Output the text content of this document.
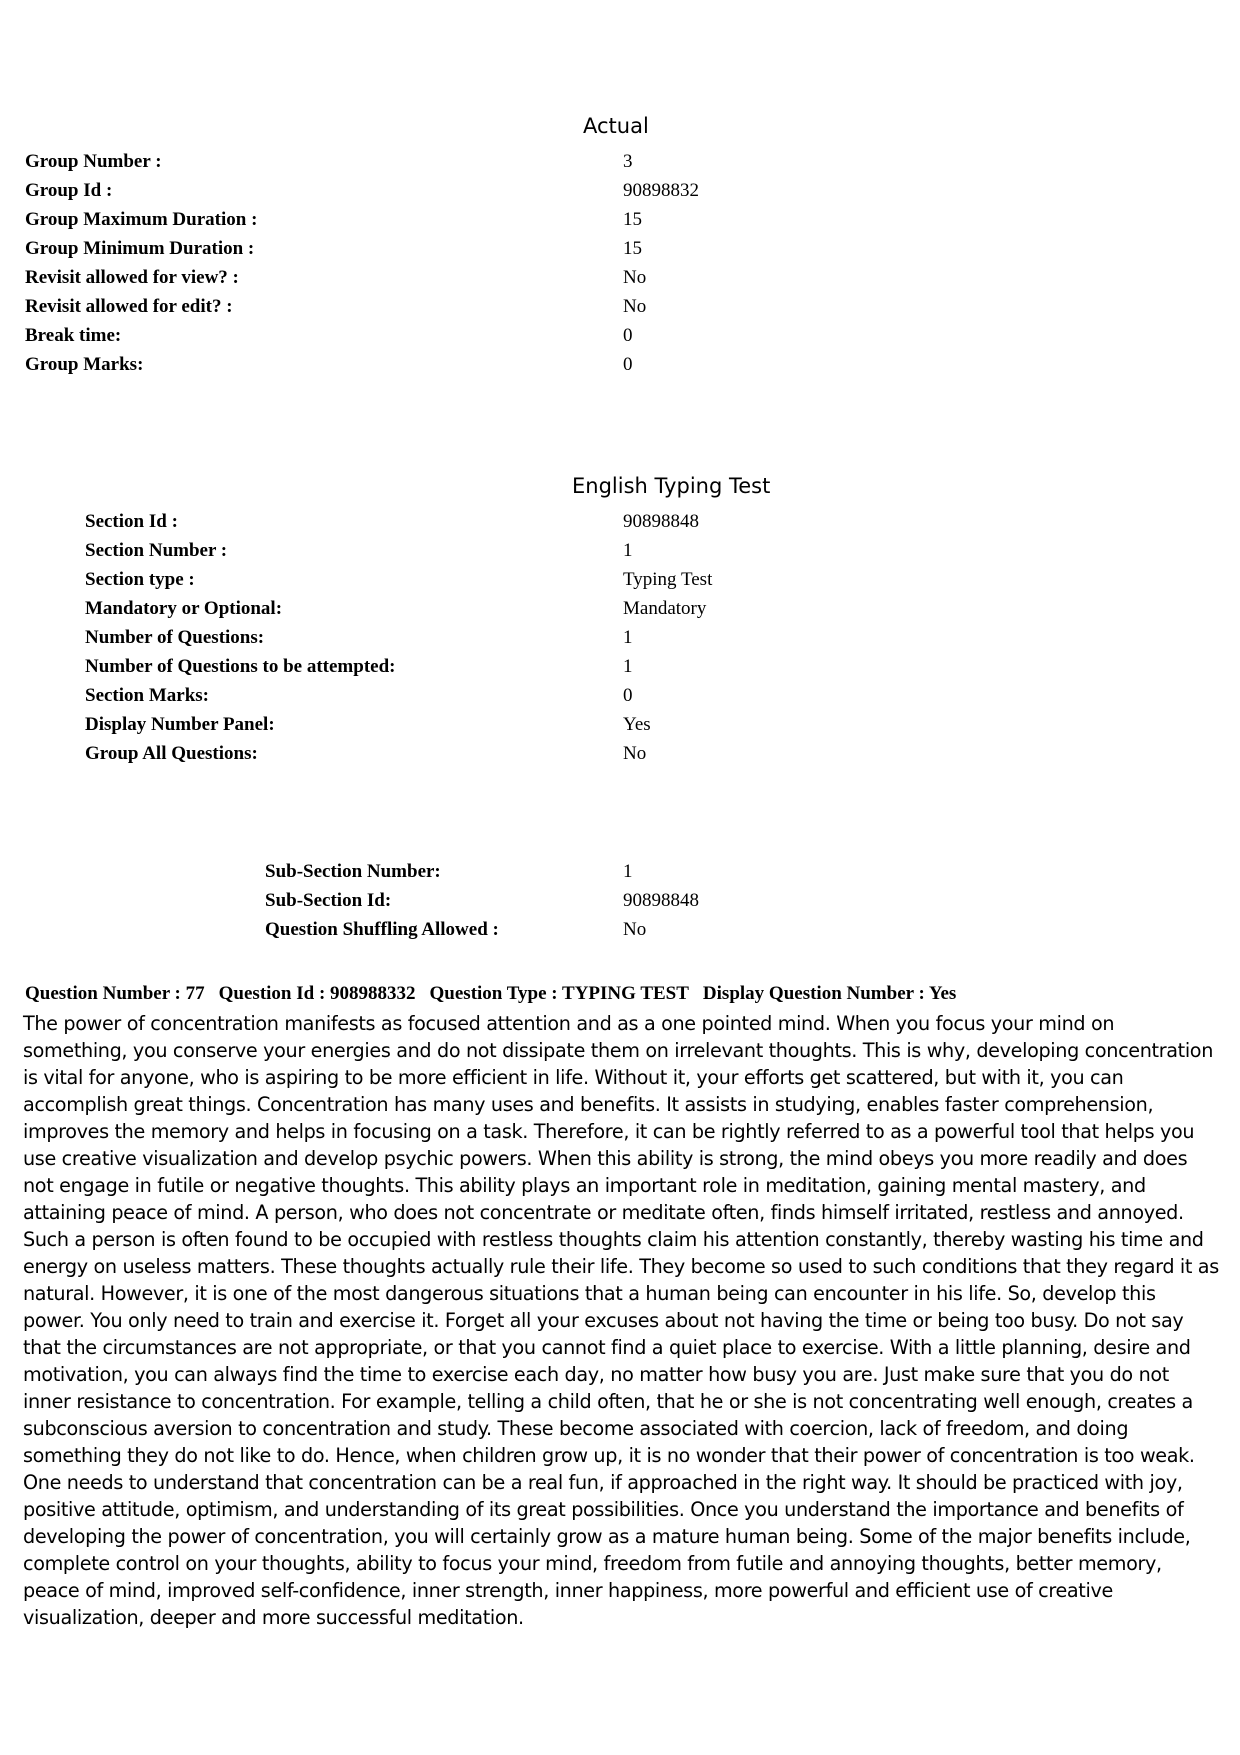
Actual
Group Number :	3
Group Id :	90898832
Group Maximum Duration :	15
Group Minimum Duration :	15
Revisit allowed for view? :	No
Revisit allowed for edit? :	No
Break time:	0
Group Marks:	0
English Typing Test
Section Id :	90898848
Section Number :	1
Section type :	Typing Test
Mandatory or Optional:	Mandatory
Number of Questions:	1
Number of Questions to be attempted:	1
Section Marks:	0
Display Number Panel:	Yes
Group All Questions:	No
Sub-Section Number:	1
Sub-Section Id:	90898848
Question Shuffling Allowed :	No
Question Number : 77 Question Id : 908988332 Question Type : TYPING TEST Display Question Number : Yes
The power of concentration manifests as focused attention and as a one pointed mind. When you focus your mind on something, you conserve your energies and do not dissipate them on irrelevant thoughts. This is why, developing concentration is vital for anyone, who is aspiring to be more efficient in life. Without it, your efforts get scattered, but with it, you can accomplish great things. Concentration has many uses and benefits. It assists in studying, enables faster comprehension, improves the memory and helps in focusing on a task. Therefore, it can be rightly referred to as a powerful tool that helps you use creative visualization and develop psychic powers. When this ability is strong, the mind obeys you more readily and does not engage in futile or negative thoughts. This ability plays an important role in meditation, gaining mental mastery, and attaining peace of mind. A person, who does not concentrate or meditate often, finds himself irritated, restless and annoyed. Such a person is often found to be occupied with restless thoughts claim his attention constantly, thereby wasting his time and energy on useless matters. These thoughts actually rule their life. They become so used to such conditions that they regard it as natural. However, it is one of the most dangerous situations that a human being can encounter in his life. So, develop this power. You only need to train and exercise it. Forget all your excuses about not having the time or being too busy. Do not say that the circumstances are not appropriate, or that you cannot find a quiet place to exercise. With a little planning, desire and motivation, you can always find the time to exercise each day, no matter how busy you are. Just make sure that you do not inner resistance to concentration. For example, telling a child often, that he or she is not concentrating well enough, creates a subconscious aversion to concentration and study. These become associated with coercion, lack of freedom, and doing something they do not like to do. Hence, when children grow up, it is no wonder that their power of concentration is too weak. One needs to understand that concentration can be a real fun, if approached in the right way. It should be practiced with joy, positive attitude, optimism, and understanding of its great possibilities. Once you understand the importance and benefits of developing the power of concentration, you will certainly grow as a mature human being. Some of the major benefits include, complete control on your thoughts, ability to focus your mind, freedom from futile and annoying thoughts, better memory, peace of mind, improved self-confidence, inner strength, inner happiness, more powerful and efficient use of creative visualization, deeper and more successful meditation.
